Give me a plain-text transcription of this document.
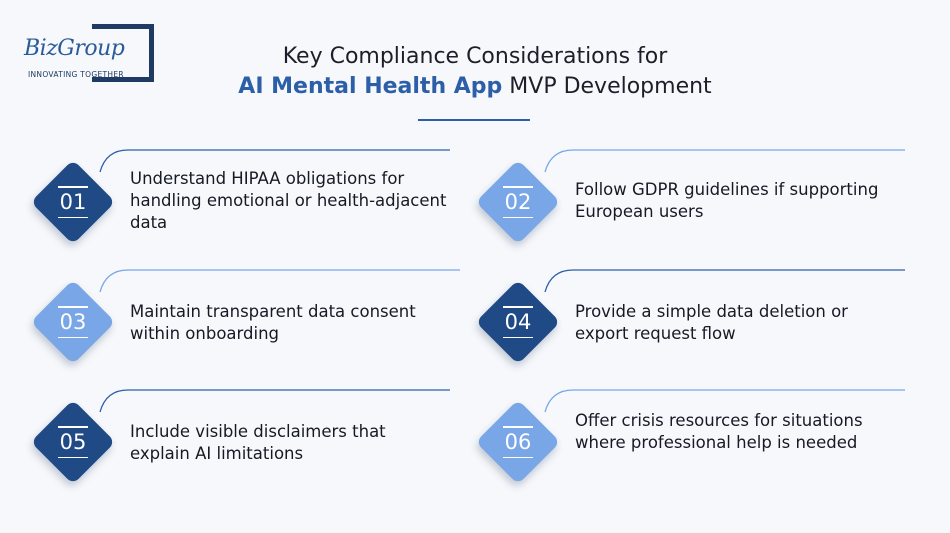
BizGroup
INNOVATING TOGETHER
Key Compliance Considerations for
AI Mental Health App MVP Development
01
Understand HIPAA obligations for handling emotional or health-adjacent data
02
Follow GDPR guidelines if supporting European users
03	Maintain transparent data consent within onboarding	04	Provide a simple data deletion or export request flow
05	Include visible disclaimers that explain AI limitations	06
Offer crisis resources for situations where professional help is needed
